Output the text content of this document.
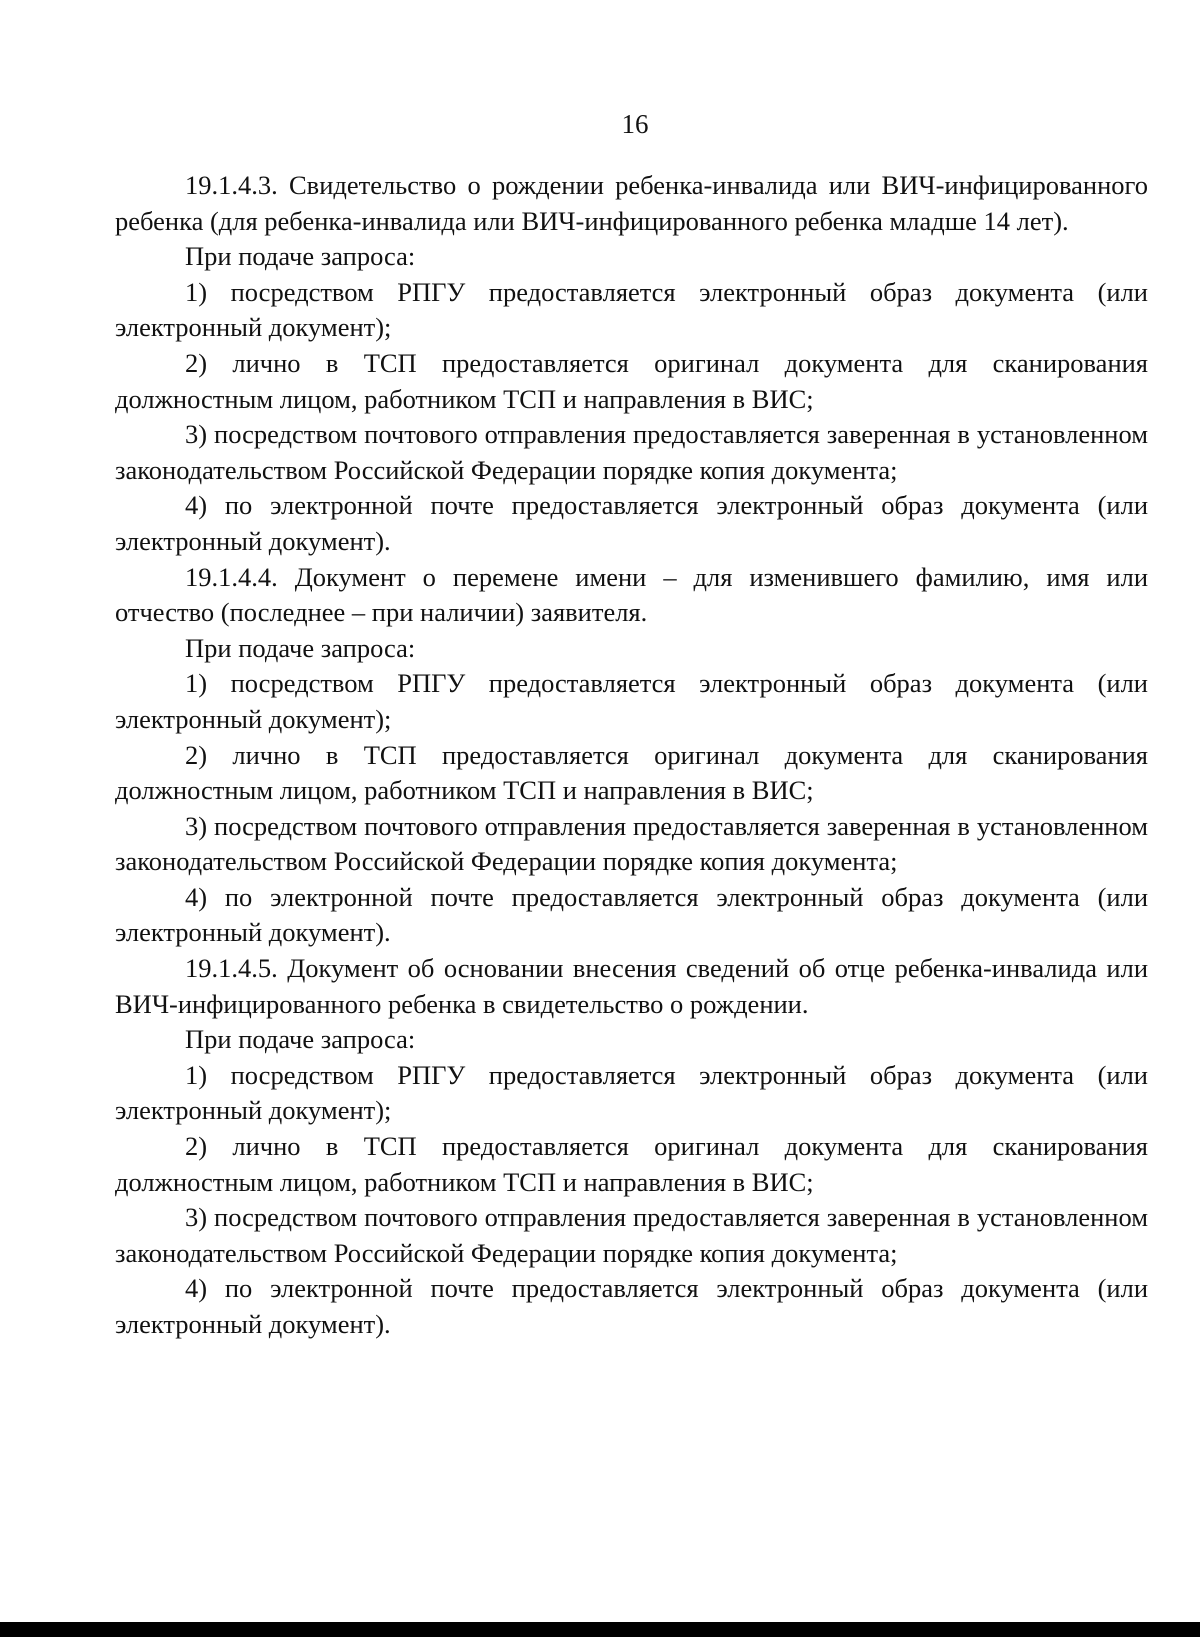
16

19.1.4.3. Свидетельство о рождении ребенка-инвалида или ВИЧ-инфицированного ребенка (для ребенка-инвалида или ВИЧ-инфицированного ребенка младше 14 лет).

При подаче запроса:

1) посредством РПГУ предоставляется электронный образ документа (или электронный документ);

2) лично в ТСП предоставляется оригинал документа для сканирования должностным лицом, работником ТСП и направления в ВИС;

3) посредством почтового отправления предоставляется заверенная в установленном законодательством Российской Федерации порядке копия документа;

4) по электронной почте предоставляется электронный образ документа (или электронный документ).

19.1.4.4. Документ о перемене имени – для изменившего фамилию, имя или отчество (последнее – при наличии) заявителя.

При подаче запроса:

1) посредством РПГУ предоставляется электронный образ документа (или электронный документ);

2) лично в ТСП предоставляется оригинал документа для сканирования должностным лицом, работником ТСП и направления в ВИС;

3) посредством почтового отправления предоставляется заверенная в установленном законодательством Российской Федерации порядке копия документа;

4) по электронной почте предоставляется электронный образ документа (или электронный документ).

19.1.4.5. Документ об основании внесения сведений об отце ребенка-инвалида или ВИЧ-инфицированного ребенка в свидетельство о рождении.

При подаче запроса:

1) посредством РПГУ предоставляется электронный образ документа (или электронный документ);

2) лично в ТСП предоставляется оригинал документа для сканирования должностным лицом, работником ТСП и направления в ВИС;

3) посредством почтового отправления предоставляется заверенная в установленном законодательством Российской Федерации порядке копия документа;

4) по электронной почте предоставляется электронный образ документа (или электронный документ).
